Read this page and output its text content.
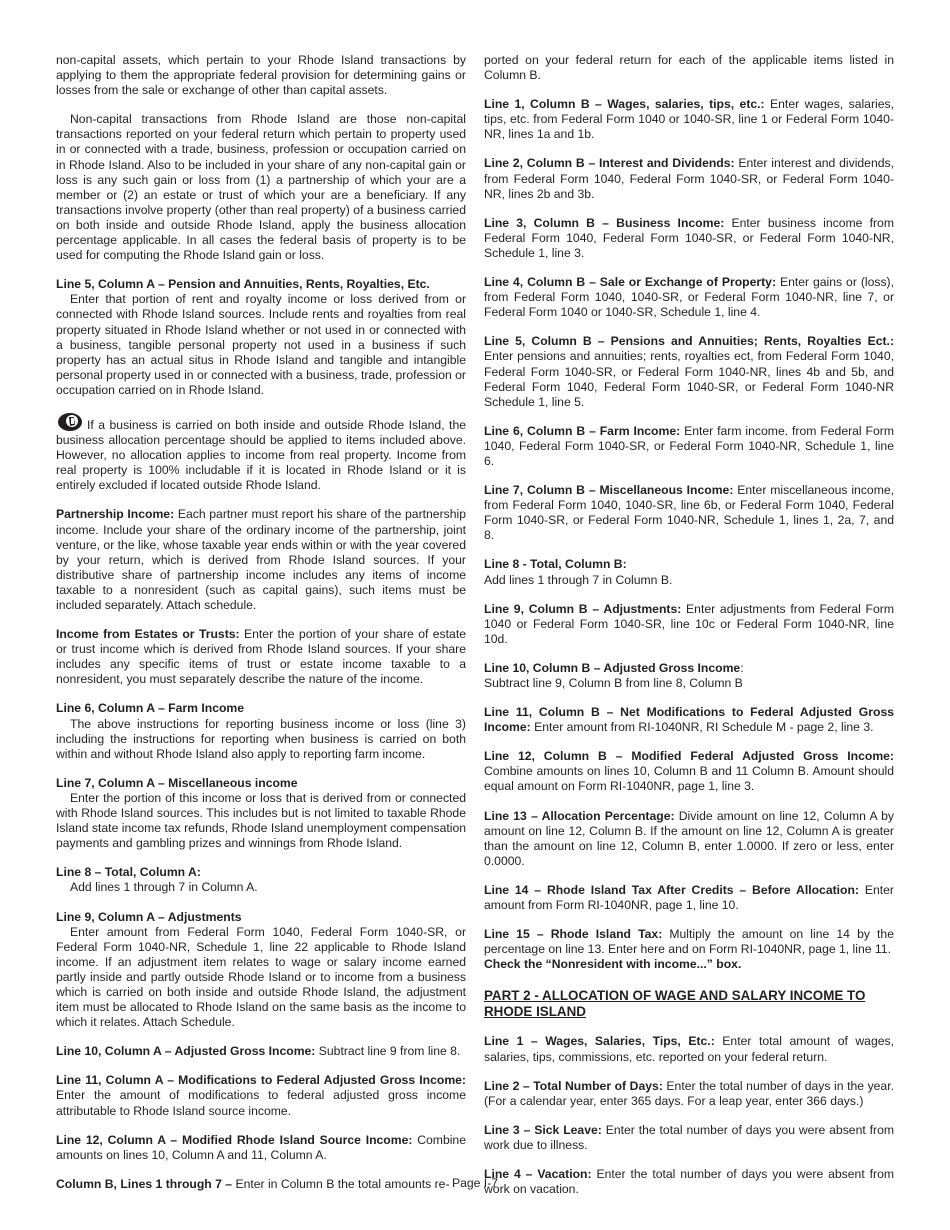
non-capital assets, which pertain to your Rhode Island transactions by applying to them the appropriate federal provision for determining gains or losses from the sale or exchange of other than capital assets.

Non-capital transactions from Rhode Island are those non-capital transactions reported on your federal return which pertain to property used in or connected with a trade, business, profession or occupation carried on in Rhode Island. Also to be included in your share of any non-capital gain or loss is any such gain or loss from (1) a partnership of which your are a member or (2) an estate or trust of which your are a beneficiary. If any transactions involve property (other than real property) of a business carried on both inside and outside Rhode Island, apply the business allocation percentage applicable. In all cases the federal basis of property is to be used for computing the Rhode Island gain or loss.

Line 5, Column A – Pension and Annuities, Rents, Royalties, Etc.
Enter that portion of rent and royalty income or loss derived from or connected with Rhode Island sources. Include rents and royalties from real property situated in Rhode Island whether or not used in or connected with a business, tangible personal property not used in a business if such property has an actual situs in Rhode Island and tangible and intangible personal property used in or connected with a business, trade, profession or occupation carried on in Rhode Island.

If a business is carried on both inside and outside Rhode Island, the business allocation percentage should be applied to items included above. However, no allocation applies to income from real property. Income from real property is 100% includable if it is located in Rhode Island or it is entirely excluded if located outside Rhode Island.

Partnership Income: Each partner must report his share of the partnership income. Include your share of the ordinary income of the partnership, joint venture, or the like, whose taxable year ends within or with the year covered by your return, which is derived from Rhode Island sources. If your distributive share of partnership income includes any items of income taxable to a nonresident (such as capital gains), such items must be included separately. Attach schedule.

Income from Estates or Trusts: Enter the portion of your share of estate or trust income which is derived from Rhode Island sources. If your share includes any specific items of trust or estate income taxable to a nonresident, you must separately describe the nature of the income.

Line 6, Column A – Farm Income
The above instructions for reporting business income or loss (line 3) including the instructions for reporting when business is carried on both within and without Rhode Island also apply to reporting farm income.

Line 7, Column A – Miscellaneous income
Enter the portion of this income or loss that is derived from or connected with Rhode Island sources. This includes but is not limited to taxable Rhode Island state income tax refunds, Rhode Island unemployment compensation payments and gambling prizes and winnings from Rhode Island.

Line 8 – Total, Column A:
Add lines 1 through 7 in Column A.

Line 9, Column A – Adjustments
Enter amount from Federal Form 1040, Federal Form 1040-SR, or Federal Form 1040-NR, Schedule 1, line 22 applicable to Rhode Island income. If an adjustment item relates to wage or salary income earned partly inside and partly outside Rhode Island or to income from a business which is carried on both inside and outside Rhode Island, the adjustment item must be allocated to Rhode Island on the same basis as the income to which it relates. Attach Schedule.

Line 10, Column A – Adjusted Gross Income: Subtract line 9 from line 8.

Line 11, Column A – Modifications to Federal Adjusted Gross Income: Enter the amount of modifications to federal adjusted gross income attributable to Rhode Island source income.

Line 12, Column A – Modified Rhode Island Source Income: Combine amounts on lines 10, Column A and 11, Column A.

Column B, Lines 1 through 7 – Enter in Column B the total amounts re-

ported on your federal return for each of the applicable items listed in Column B.

Line 1, Column B – Wages, salaries, tips, etc.: Enter wages, salaries, tips, etc. from Federal Form 1040 or 1040-SR, line 1 or Federal Form 1040-NR, lines 1a and 1b.

Line 2, Column B – Interest and Dividends: Enter interest and dividends, from Federal Form 1040, Federal Form 1040-SR, or Federal Form 1040-NR, lines 2b and 3b.

Line 3, Column B – Business Income: Enter business income from Federal Form 1040, Federal Form 1040-SR, or Federal Form 1040-NR, Schedule 1, line 3.

Line 4, Column B – Sale or Exchange of Property: Enter gains or (loss), from Federal Form 1040, 1040-SR, or Federal Form 1040-NR, line 7, or Federal Form 1040 or 1040-SR, Schedule 1, line 4.

Line 5, Column B – Pensions and Annuities; Rents, Royalties Ect.: Enter pensions and annuities; rents, royalties ect, from Federal Form 1040, Federal Form 1040-SR, or Federal Form 1040-NR, lines 4b and 5b, and Federal Form 1040, Federal Form 1040-SR, or Federal Form 1040-NR Schedule 1, line 5.

Line 6, Column B – Farm Income: Enter farm income. from Federal Form 1040, Federal Form 1040-SR, or Federal Form 1040-NR, Schedule 1, line 6.

Line 7, Column B – Miscellaneous Income: Enter miscellaneous income, from Federal Form 1040, 1040-SR, line 6b, or Federal Form 1040, Federal Form 1040-SR, or Federal Form 1040-NR, Schedule 1, lines 1, 2a, 7, and 8.

Line 8 - Total, Column B:
Add lines 1 through 7 in Column B.

Line 9, Column B – Adjustments: Enter adjustments from Federal Form 1040 or Federal Form 1040-SR, line 10c or Federal Form 1040-NR, line 10d.

Line 10, Column B – Adjusted Gross Income:
Subtract line 9, Column B from line 8, Column B

Line 11, Column B – Net Modifications to Federal Adjusted Gross Income: Enter amount from RI-1040NR, RI Schedule M - page 2, line 3.

Line 12, Column B – Modified Federal Adjusted Gross Income: Combine amounts on lines 10, Column B and 11 Column B. Amount should equal amount on Form RI-1040NR, page 1, line 3.

Line 13 – Allocation Percentage: Divide amount on line 12, Column A by amount on line 12, Column B. If the amount on line 12, Column A is greater than the amount on line 12, Column B, enter 1.0000. If zero or less, enter 0.0000.

Line 14 – Rhode Island Tax After Credits – Before Allocation: Enter amount from Form RI-1040NR, page 1, line 10.

Line 15 – Rhode Island Tax: Multiply the amount on line 14 by the percentage on line 13. Enter here and on Form RI-1040NR, page 1, line 11.
Check the “Nonresident with income...” box.

PART 2 - ALLOCATION OF WAGE AND SALARY INCOME TO RHODE ISLAND

Line 1 – Wages, Salaries, Tips, Etc.: Enter total amount of wages, salaries, tips, commissions, etc. reported on your federal return.

Line 2 – Total Number of Days: Enter the total number of days in the year. (For a calendar year, enter 365 days. For a leap year, enter 366 days.)

Line 3 – Sick Leave: Enter the total number of days you were absent from work due to illness.

Line 4 – Vacation: Enter the total number of days you were absent from work on vacation.

Page I-7
